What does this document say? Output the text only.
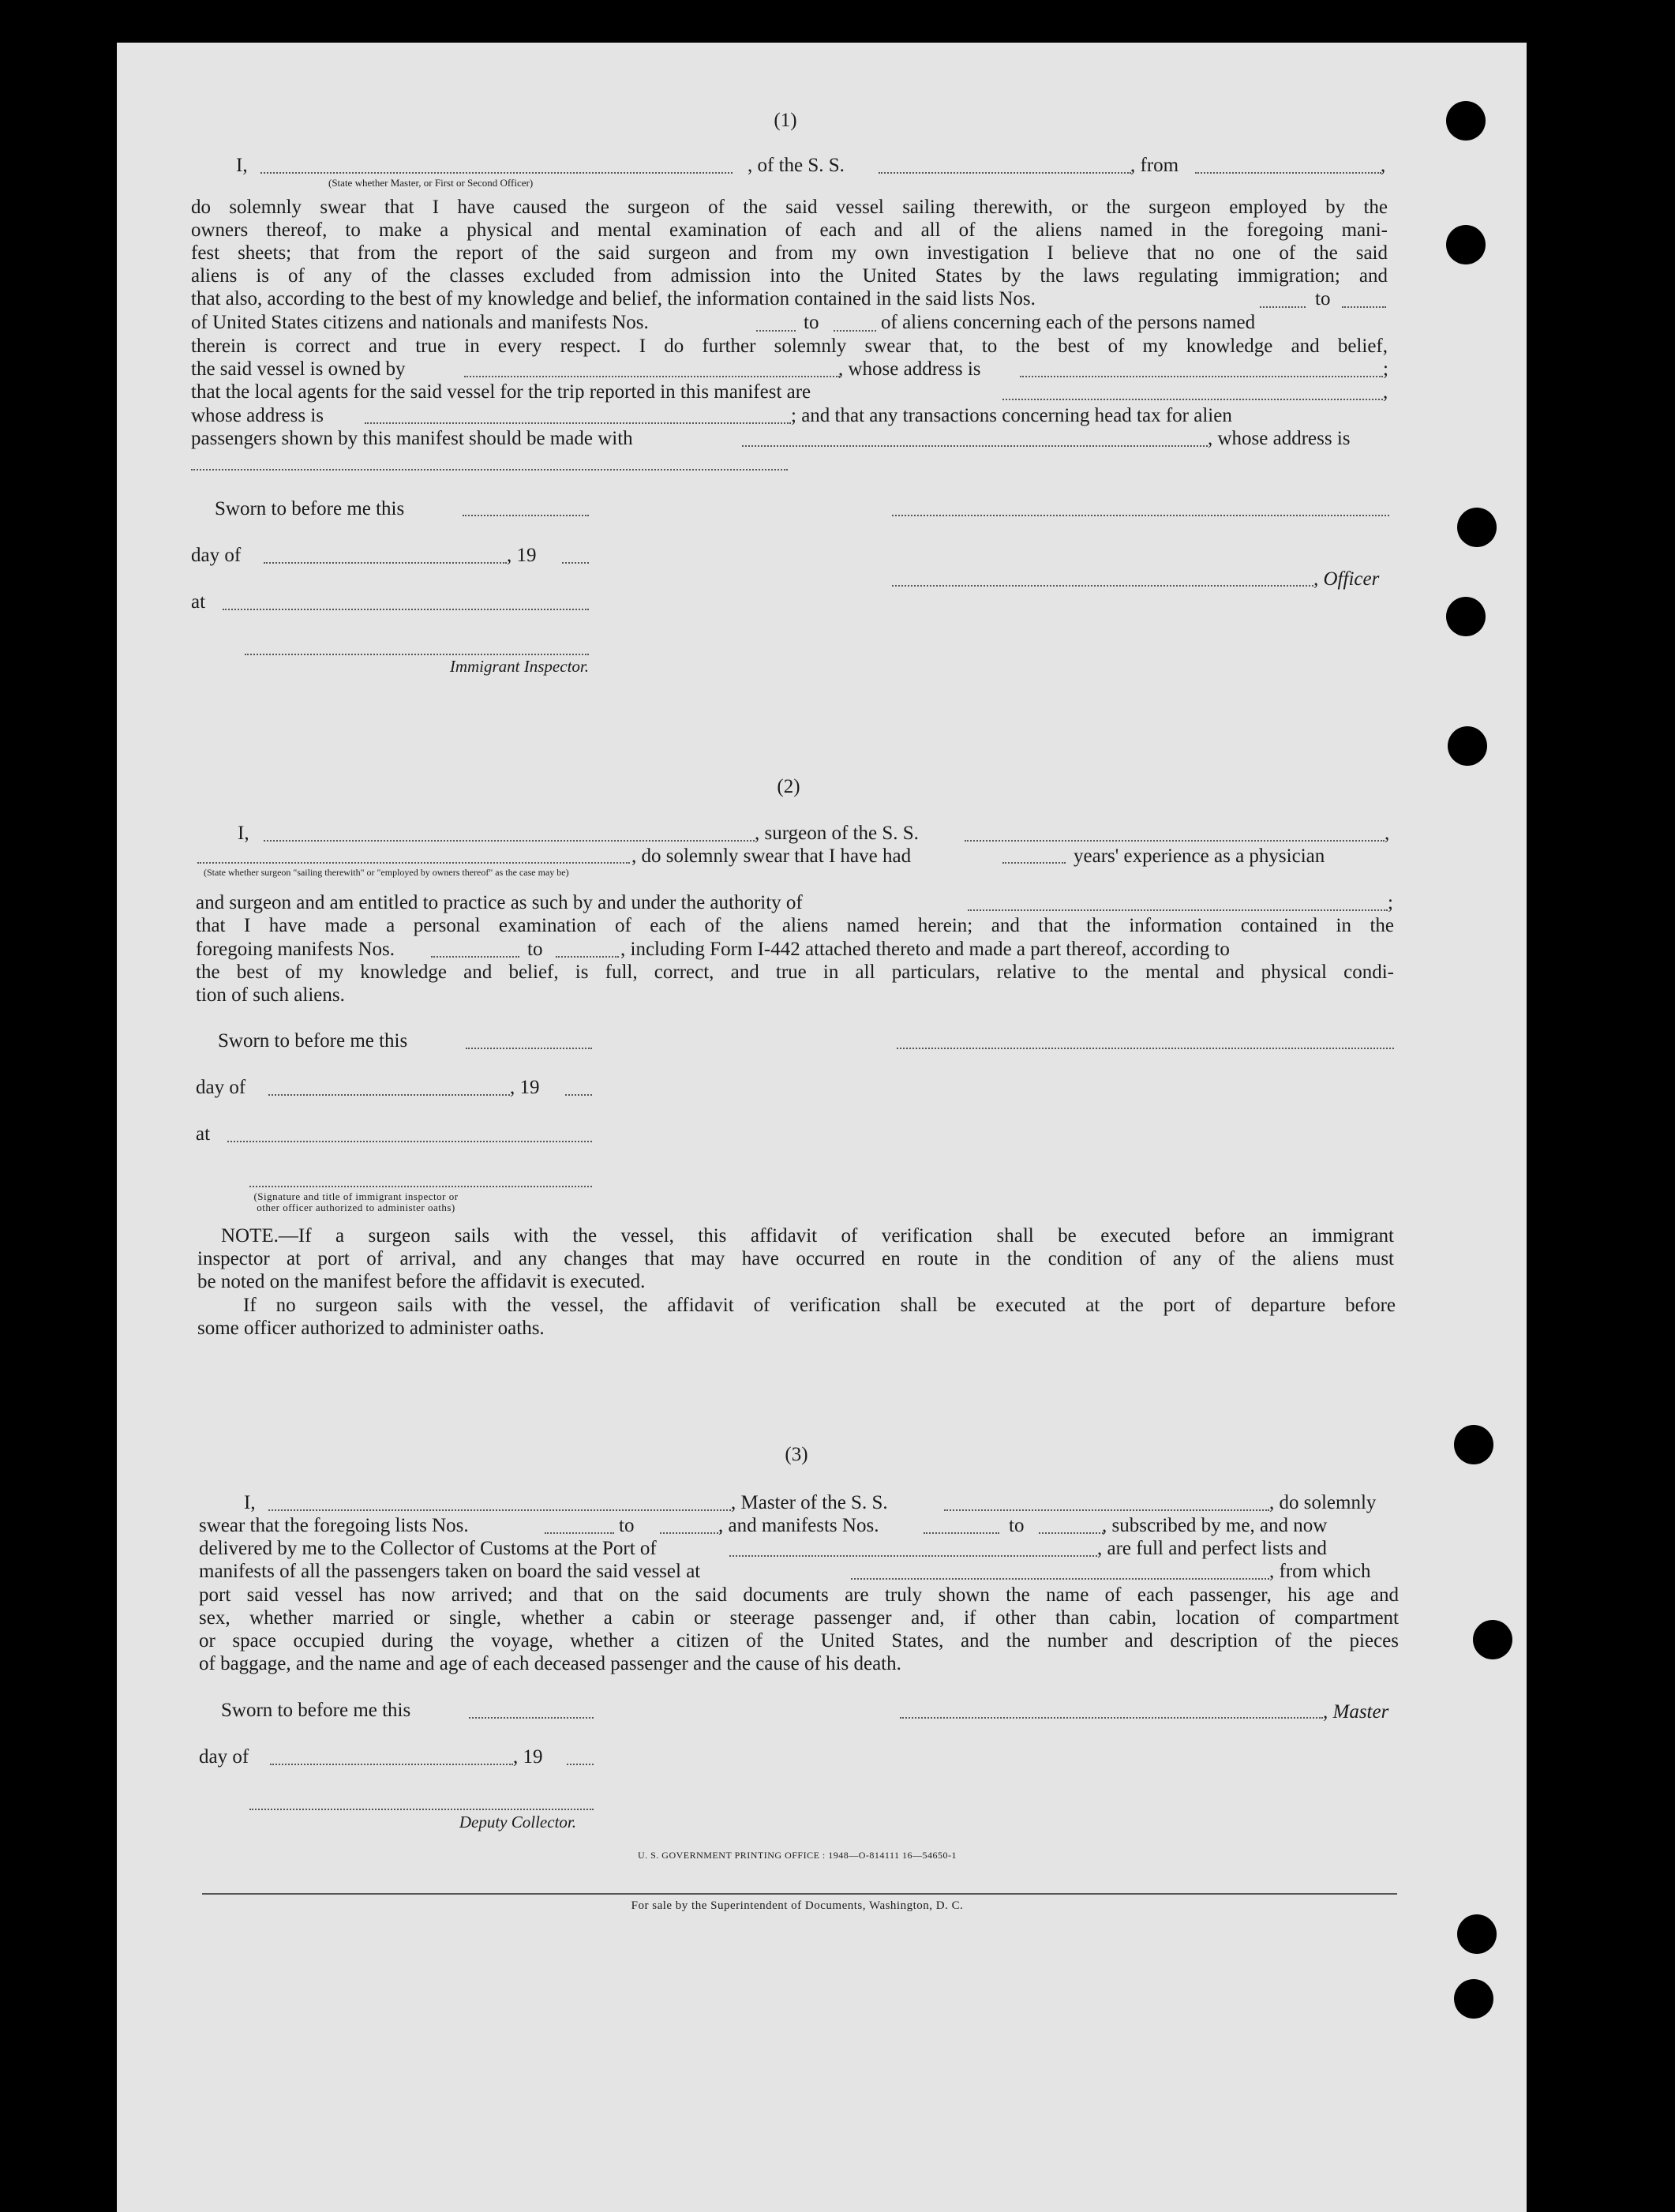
(1)
I,	, of the S. S.	, from	,
(State whether Master, or First or Second Officer)
do solemnly swear that I have caused the surgeon of the said vessel sailing therewith, or the surgeon employed by the
owners thereof, to make a physical and mental examination of each and all of the aliens named in the foregoing mani-
fest sheets; that from the report of the said surgeon and from my own investigation I believe that no one of the said
aliens is of any of the classes excluded from admission into the United States by the laws regulating immigration; and
that also, according to the best of my knowledge and belief, the information contained in the said lists Nos.	to
of United States citizens and nationals and manifests Nos.	to	of aliens concerning each of the persons named
therein is correct and true in every respect. I do further solemnly swear that, to the best of my knowledge and belief,
the said vessel is owned by	, whose address is	;
that the local agents for the said vessel for the trip reported in this manifest are	,
whose address is	; and that any transactions concerning head tax for alien
passengers shown by this manifest should be made with	, whose address is
Sworn to before me this
day of	, 19
, Officer
at
Immigrant Inspector.
(2)
I,	, surgeon of the S. S.	,
, do solemnly swear that I have had	years' experience as a physician
(State whether surgeon "sailing therewith" or "employed by owners thereof" as the case may be)
and surgeon and am entitled to practice as such by and under the authority of	;
that I have made a personal examination of each of the aliens named herein; and that the information contained in the
foregoing manifests Nos.	to	, including Form I-442 attached thereto and made a part thereof, according to
the best of my knowledge and belief, is full, correct, and true in all particulars, relative to the mental and physical condi-
tion of such aliens.
Sworn to before me this
day of	, 19
at
(Signature and title of immigrant inspector or
other officer authorized to administer oaths)
NOTE.—If a surgeon sails with the vessel, this affidavit of verification shall be executed before an immigrant
inspector at port of arrival, and any changes that may have occurred en route in the condition of any of the aliens must
be noted on the manifest before the affidavit is executed.
If no surgeon sails with the vessel, the affidavit of verification shall be executed at the port of departure before
some officer authorized to administer oaths.
(3)
I,	, Master of the S. S.	, do solemnly
swear that the foregoing lists Nos.	to	, and manifests Nos.	to	, subscribed by me, and now
delivered by me to the Collector of Customs at the Port of	, are full and perfect lists and
manifests of all the passengers taken on board the said vessel at	, from which
port said vessel has now arrived; and that on the said documents are truly shown the name of each passenger, his age and
sex, whether married or single, whether a cabin or steerage passenger and, if other than cabin, location of compartment
or space occupied during the voyage, whether a citizen of the United States, and the number and description of the pieces
of baggage, and the name and age of each deceased passenger and the cause of his death.
Sworn to before me this	, Master
day of	, 19
Deputy Collector.
U. S. GOVERNMENT PRINTING OFFICE : 1948—O-814111 16—54650-1
For sale by the Superintendent of Documents, Washington, D. C.
